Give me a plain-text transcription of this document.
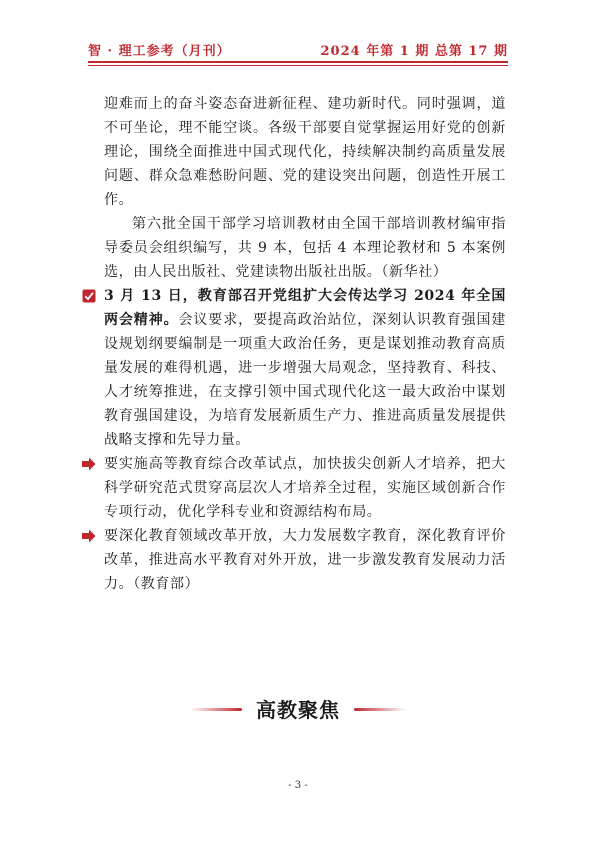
智 · 理工参考（月刊）	2024 年第 1 期 总第 17 期

迎难而上的奋斗姿态奋进新征程、建功新时代。同时强调，道不可坐论，理不能空谈。各级干部要自觉掌握运用好党的创新理论，围绕全面推进中国式现代化，持续解决制约高质量发展问题、群众急难愁盼问题、党的建设突出问题，创造性开展工作。

第六批全国干部学习培训教材由全国干部培训教材编审指导委员会组织编写，共 9 本，包括 4 本理论教材和 5 本案例选，由人民出版社、党建读物出版社出版。（新华社）

3 月 13 日，教育部召开党组扩大会传达学习 2024 年全国两会精神。会议要求，要提高政治站位，深刻认识教育强国建设规划纲要编制是一项重大政治任务，更是谋划推动教育高质量发展的难得机遇，进一步增强大局观念，坚持教育、科技、人才统筹推进，在支撑引领中国式现代化这一最大政治中谋划教育强国建设，为培育发展新质生产力、推进高质量发展提供战略支撑和先导力量。

要实施高等教育综合改革试点，加快拔尖创新人才培养，把大科学研究范式贯穿高层次人才培养全过程，实施区域创新合作专项行动，优化学科专业和资源结构布局。

要深化教育领域改革开放，大力发展数字教育，深化教育评价改革，推进高水平教育对外开放，进一步激发教育发展动力活力。（教育部）

高教聚焦
- 3 -
